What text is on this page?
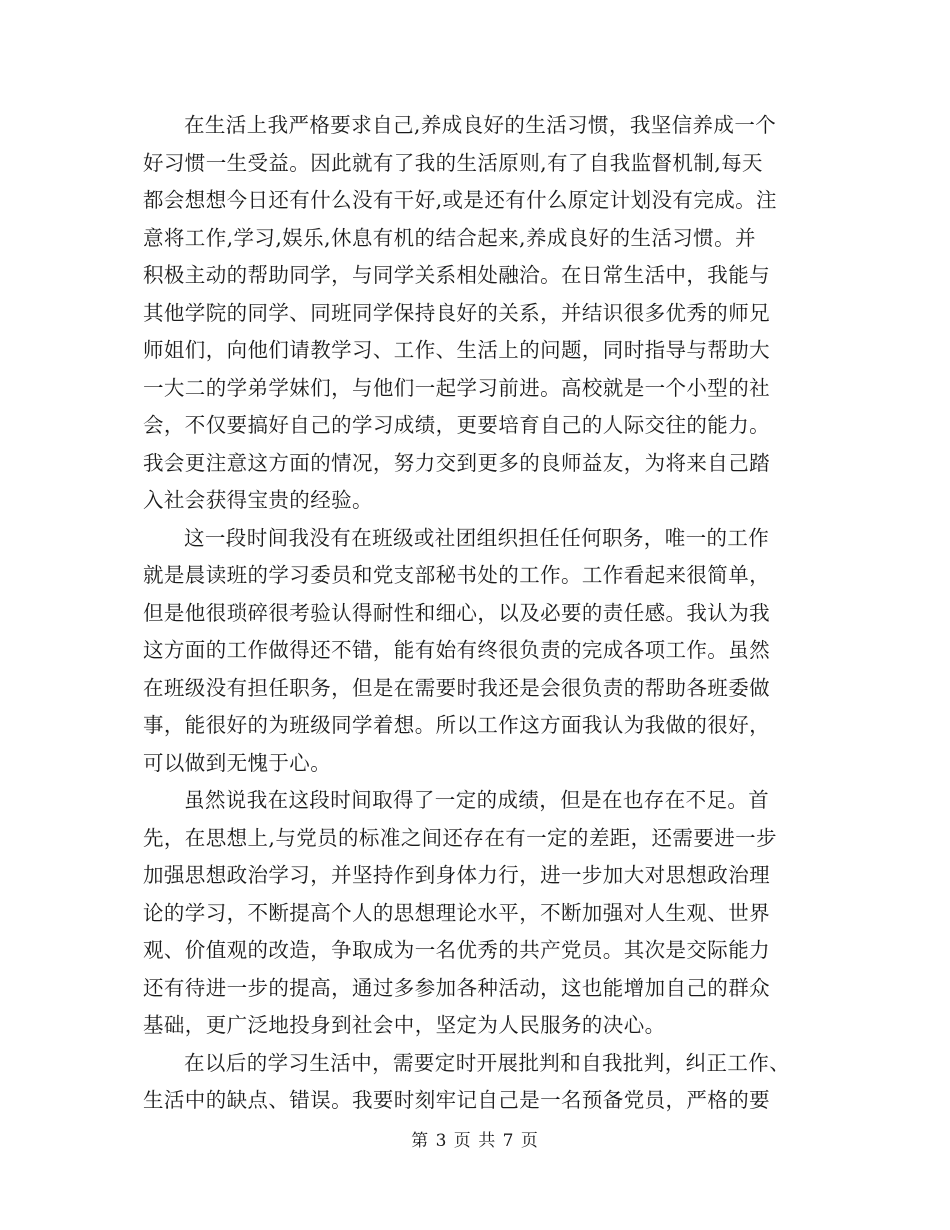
在生活上我严格要求自己,养成良好的生活习惯，我坚信养成一个
好习惯一生受益。因此就有了我的生活原则,有了自我监督机制,每天
都会想想今日还有什么没有干好,或是还有什么原定计划没有完成。注
意将工作,学习,娱乐,休息有机的结合起来,养成良好的生活习惯。并
积极主动的帮助同学，与同学关系相处融洽。在日常生活中，我能与
其他学院的同学、同班同学保持良好的关系，并结识很多优秀的师兄
师姐们，向他们请教学习、工作、生活上的问题，同时指导与帮助大
一大二的学弟学妹们，与他们一起学习前进。高校就是一个小型的社
会，不仅要搞好自己的学习成绩，更要培育自己的人际交往的能力。
我会更注意这方面的情况，努力交到更多的良师益友，为将来自己踏
入社会获得宝贵的经验。
这一段时间我没有在班级或社团组织担任任何职务，唯一的工作
就是晨读班的学习委员和党支部秘书处的工作。工作看起来很简单，
但是他很琐碎很考验认得耐性和细心，以及必要的责任感。我认为我
这方面的工作做得还不错，能有始有终很负责的完成各项工作。虽然
在班级没有担任职务，但是在需要时我还是会很负责的帮助各班委做
事，能很好的为班级同学着想。所以工作这方面我认为我做的很好，
可以做到无愧于心。
虽然说我在这段时间取得了一定的成绩，但是在也存在不足。首
先，在思想上,与党员的标准之间还存在有一定的差距，还需要进一步
加强思想政治学习，并坚持作到身体力行，进一步加大对思想政治理
论的学习，不断提高个人的思想理论水平，不断加强对人生观、世界
观、价值观的改造，争取成为一名优秀的共产党员。其次是交际能力
还有待进一步的提高，通过多参加各种活动，这也能增加自己的群众
基础，更广泛地投身到社会中，坚定为人民服务的决心。
在以后的学习生活中，需要定时开展批判和自我批判，纠正工作、
生活中的缺点、错误。我要时刻牢记自己是一名预备党员，严格的要
第 3 页 共 7 页
